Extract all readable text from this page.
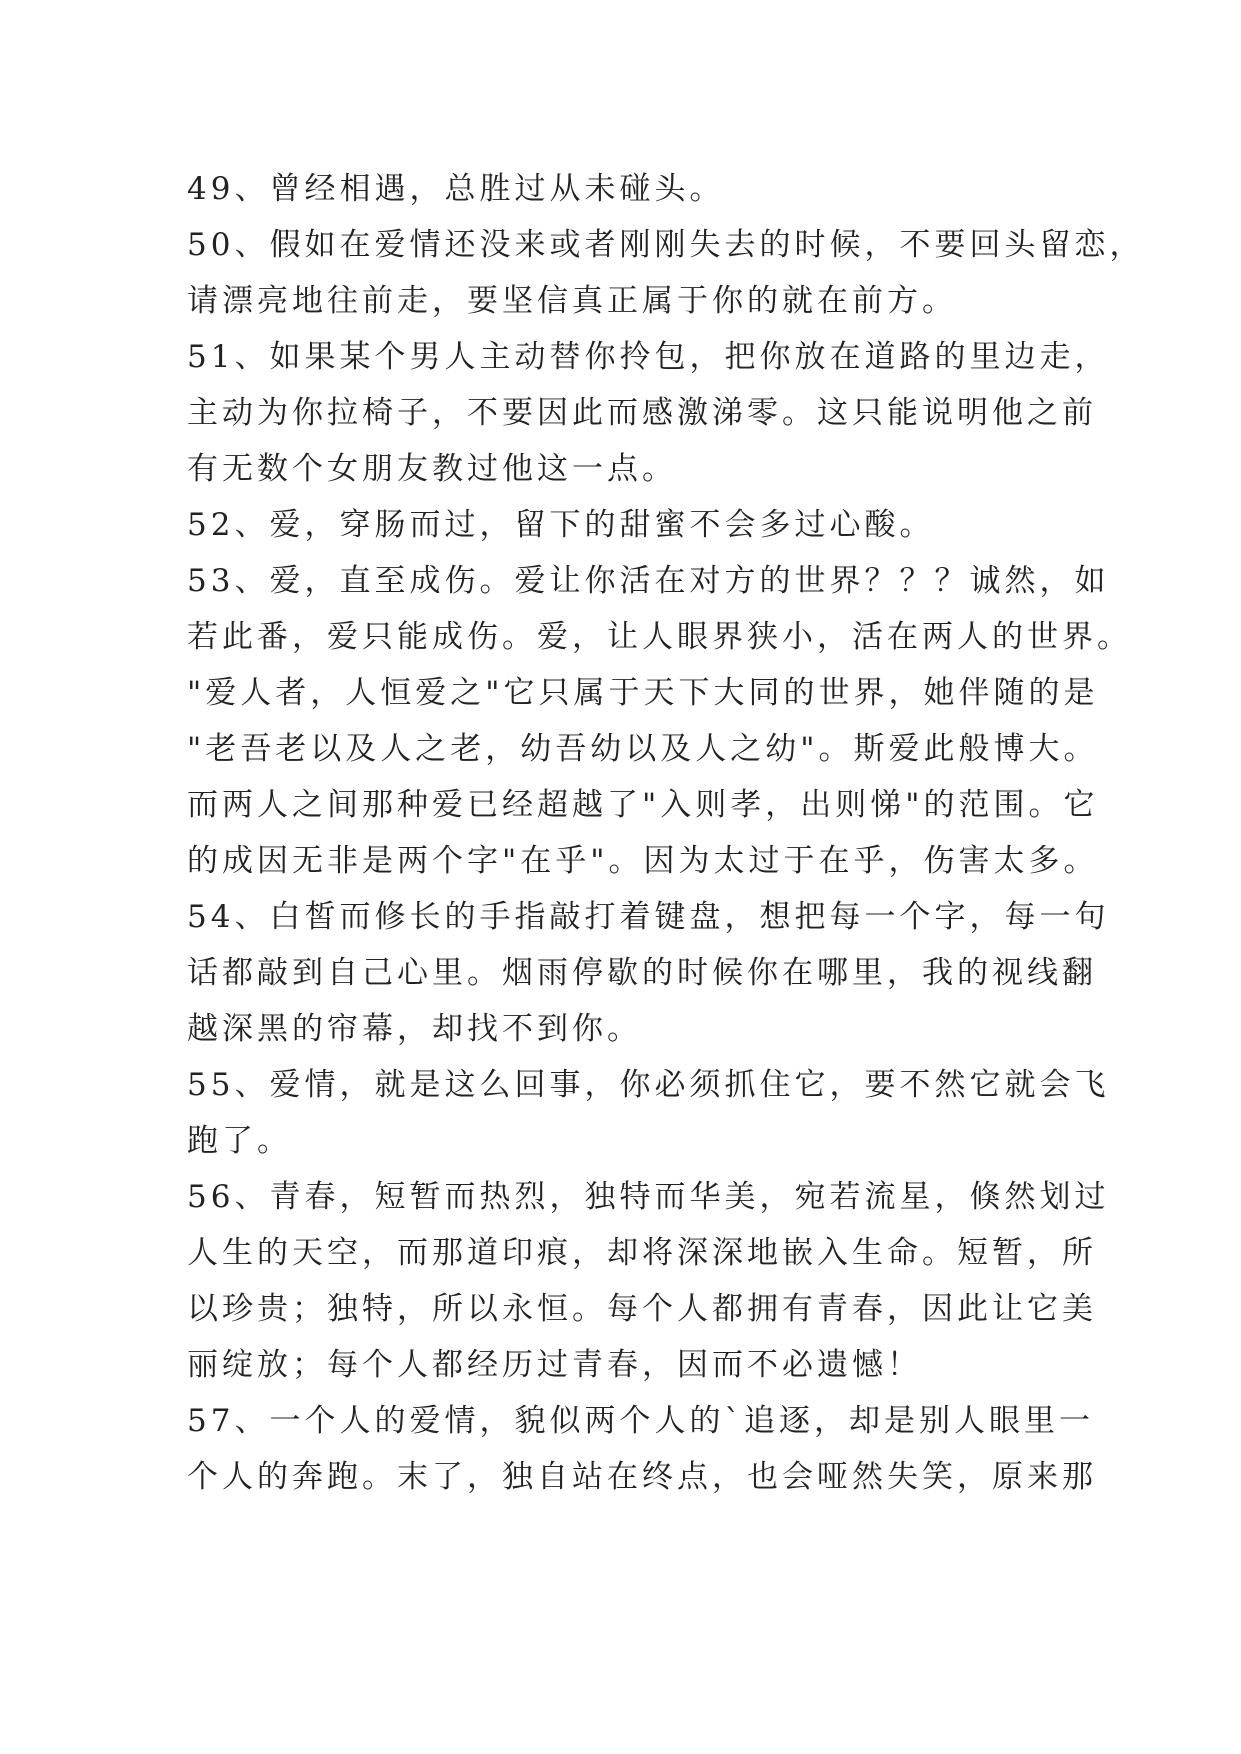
49、曾经相遇，总胜过从未碰头。
50、假如在爱情还没来或者刚刚失去的时候，不要回头留恋，
请漂亮地往前走，要坚信真正属于你的就在前方。
51、如果某个男人主动替你拎包，把你放在道路的里边走，
主动为你拉椅子，不要因此而感激涕零。这只能说明他之前
有无数个女朋友教过他这一点。
52、爱，穿肠而过，留下的甜蜜不会多过心酸。
53、爱，直至成伤。爱让你活在对方的世界？？？诚然，如
若此番，爱只能成伤。爱，让人眼界狭小，活在两人的世界。
"爱人者，人恒爱之"它只属于天下大同的世界，她伴随的是
"老吾老以及人之老，幼吾幼以及人之幼"。斯爱此般博大。
而两人之间那种爱已经超越了"入则孝，出则悌"的范围。它
的成因无非是两个字"在乎"。因为太过于在乎，伤害太多。
54、白皙而修长的手指敲打着键盘，想把每一个字，每一句
话都敲到自己心里。烟雨停歇的时候你在哪里，我的视线翻
越深黑的帘幕，却找不到你。
55、爱情，就是这么回事，你必须抓住它，要不然它就会飞
跑了。
56、青春，短暂而热烈，独特而华美，宛若流星，倏然划过
人生的天空，而那道印痕，却将深深地嵌入生命。短暂，所
以珍贵；独特，所以永恒。每个人都拥有青春，因此让它美
丽绽放；每个人都经历过青春，因而不必遗憾！
57、一个人的爱情，貌似两个人的`追逐，却是别人眼里一
个人的奔跑。末了，独自站在终点，也会哑然失笑，原来那
